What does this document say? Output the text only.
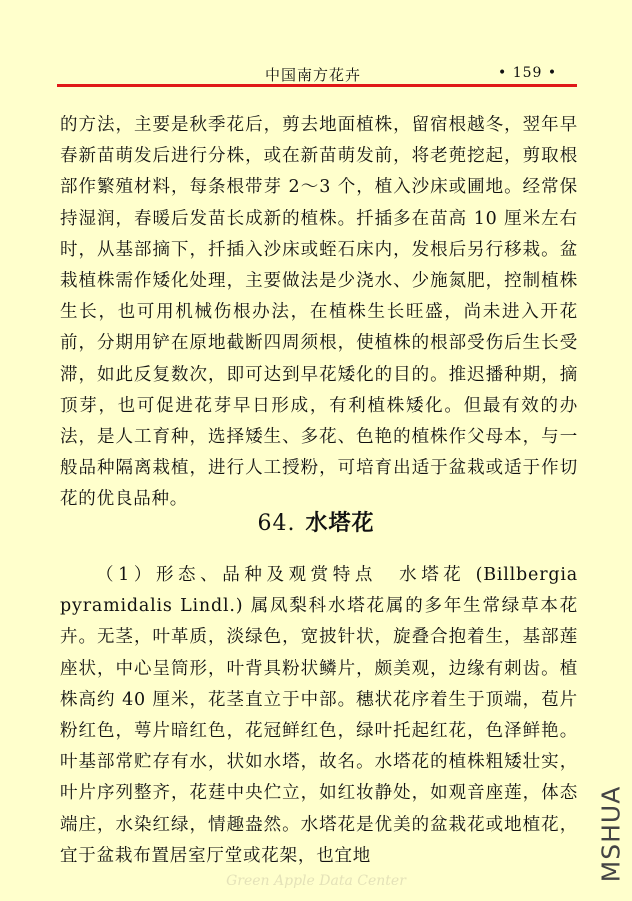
中国南方花卉	• 159 •

的方法，主要是秋季花后，剪去地面植株，留宿根越冬，翌年早春新苗萌发后进行分株，或在新苗萌发前，将老蔸挖起，剪取根部作繁殖材料，每条根带芽 2～3 个，植入沙床或圃地。经常保持湿润，春暖后发苗长成新的植株。扦插多在苗高 10 厘米左右时，从基部摘下，扦插入沙床或蛭石床内，发根后另行移栽。盆栽植株需作矮化处理，主要做法是少浇水、少施氮肥，控制植株生长，也可用机械伤根办法，在植株生长旺盛，尚未进入开花前，分期用铲在原地截断四周须根，使植株的根部受伤后生长受滞，如此反复数次，即可达到早花矮化的目的。推迟播种期，摘顶芽，也可促进花芽早日形成，有利植株矮化。但最有效的办法，是人工育种，选择矮生、多花、色艳的植株作父母本，与一般品种隔离栽植，进行人工授粉，可培育出适于盆栽或适于作切花的优良品种。

64. 水塔花

（1）形态、品种及观赏特点　水塔花 (Billbergia pyramidalis Lindl.) 属凤梨科水塔花属的多年生常绿草本花卉。无茎，叶革质，淡绿色，宽披针状，旋叠合抱着生，基部莲座状，中心呈筒形，叶背具粉状鳞片，颇美观，边缘有刺齿。植株高约 40 厘米，花茎直立于中部。穗状花序着生于顶端，苞片粉红色，萼片暗红色，花冠鲜红色，绿叶托起红花，色泽鲜艳。叶基部常贮存有水，状如水塔，故名。水塔花的植株粗矮壮实，叶片序列整齐，花莛中央伫立，如红妆静处，如观音座莲，体态端庄，水染红绿，情趣盎然。水塔花是优美的盆栽花或地植花，宜于盆栽布置居室厅堂或花架，也宜地	MSHUA
Green Apple Data Center
